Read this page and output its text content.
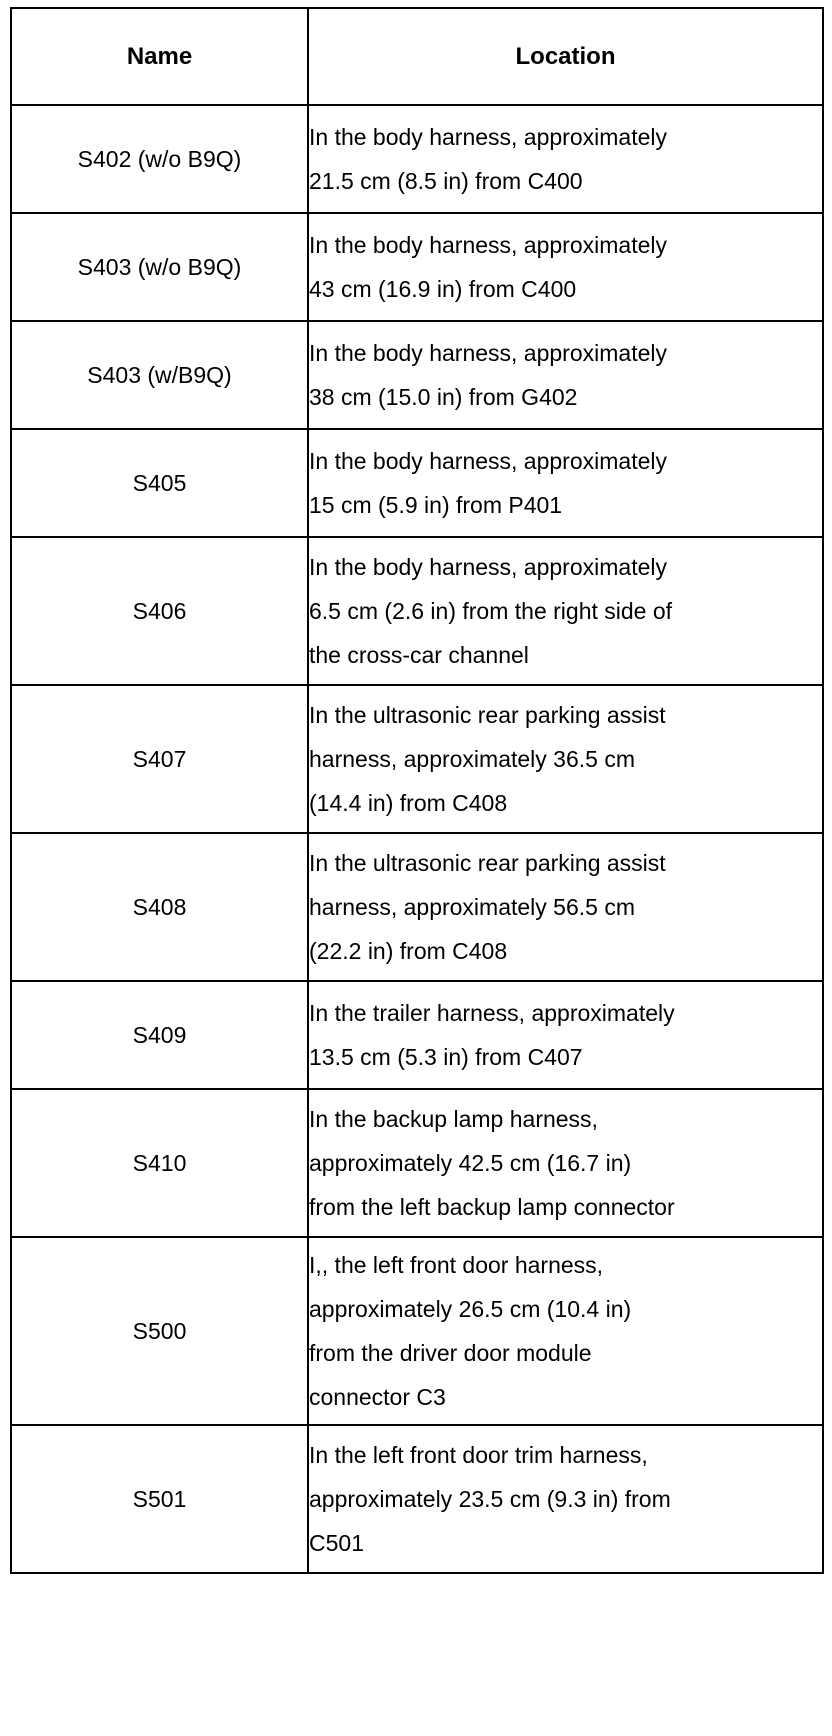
Name	Location
S402 (w/o B9Q)	In the body harness, approximately
21.5 cm (8.5 in) from C400

S403 (w/o B9Q)	In the body harness, approximately
43 cm (16.9 in) from C400

S403 (w/B9Q)	In the body harness, approximately
38 cm (15.0 in) from G402

S405	In the body harness, approximately
15 cm (5.9 in) from P401

S406	In the body harness, approximately
6.5 cm (2.6 in) from the right side of
the cross-car channel

S407	In the ultrasonic rear parking assist
harness, approximately 36.5 cm
(14.4 in) from C408

S408	In the ultrasonic rear parking assist
harness, approximately 56.5 cm
(22.2 in) from C408

S409	In the trailer harness, approximately
13.5 cm (5.3 in) from C407

S410	In the backup lamp harness,
approximately 42.5 cm (16.7 in)
from the left backup lamp connector

S500	I,, the left front door harness,
approximately 26.5 cm (10.4 in)
from the driver door module
connector C3

S501	In the left front door trim harness,
approximately 23.5 cm (9.3 in) from
C501
